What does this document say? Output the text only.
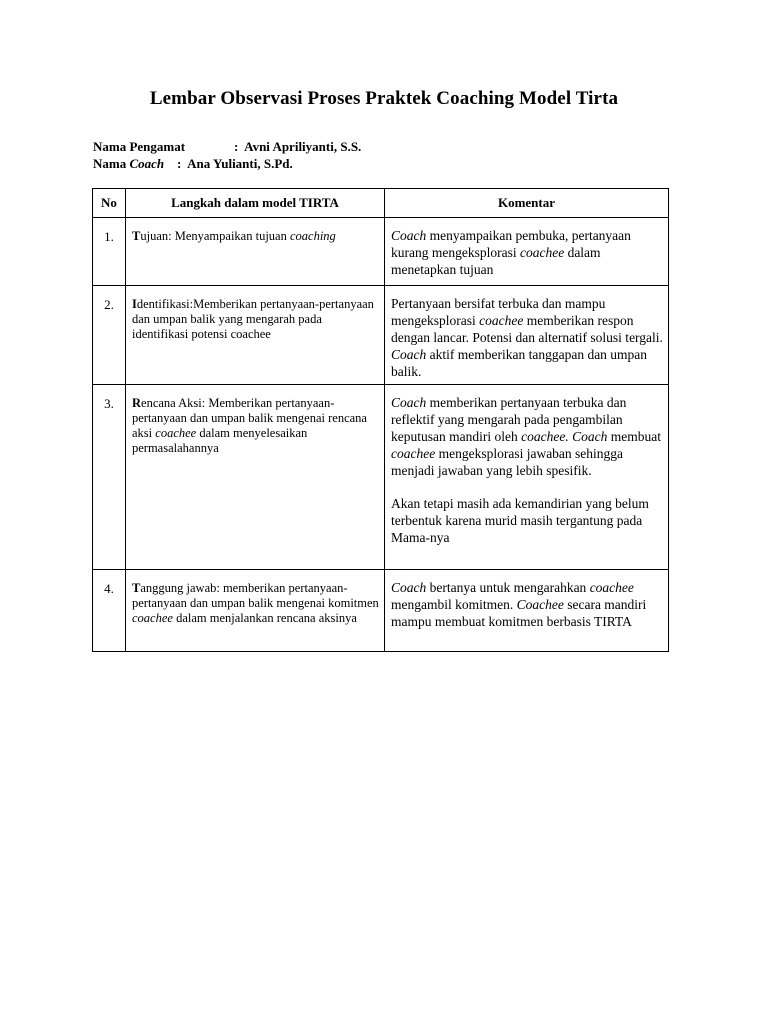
Lembar Observasi Proses Praktek Coaching Model Tirta
Nama Pengamat	: Avni Apriliyanti, S.S.
Nama Coach : Ana Yulianti, S.Pd.
No	Langkah dalam model TIRTA	Komentar
1.	Tujuan: Menyampaikan tujuan coaching	Coach menyampaikan pembuka, pertanyaan kurang mengeksplorasi coachee dalam menetapkan tujuan

2.	Identifikasi:Memberikan pertanyaan-pertanyaan dan umpan balik yang mengarah pada identifikasi potensi coachee	Pertanyaan bersifat terbuka dan mampu mengeksplorasi coachee memberikan respon dengan lancar. Potensi dan alternatif solusi tergali. Coach aktif memberikan tanggapan dan umpan balik.

3.	Rencana Aksi: Memberikan pertanyaan-pertanyaan dan umpan balik mengenai rencana aksi coachee dalam menyelesaikan permasalahannya	Coach memberikan pertanyaan terbuka dan reflektif yang mengarah pada pengambilan keputusan mandiri oleh coachee. Coach membuat coachee mengeksplorasi jawaban sehingga menjadi jawaban yang lebih spesifik.
Akan tetapi masih ada kemandirian yang belum terbentuk karena murid masih tergantung pada Mama-nya

4.	Tanggung jawab: memberikan pertanyaan-pertanyaan dan umpan balik mengenai komitmen coachee dalam menjalankan rencana aksinya	Coach bertanya untuk mengarahkan coachee mengambil komitmen. Coachee secara mandiri mampu membuat komitmen berbasis TIRTA
